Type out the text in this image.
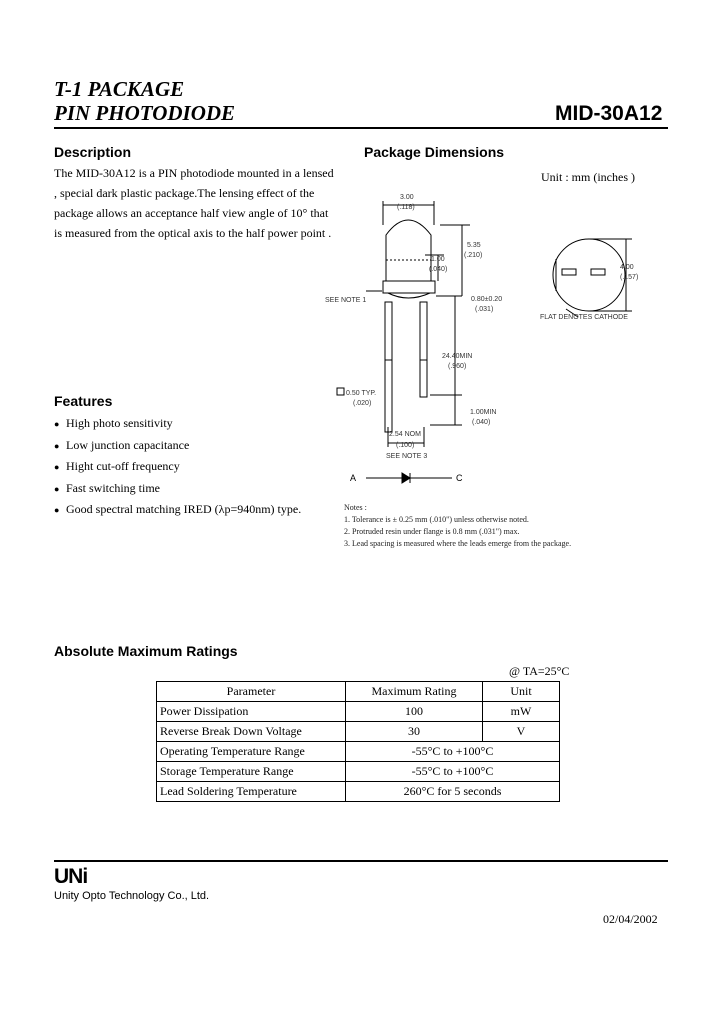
T-1 PACKAGE
PIN PHOTODIODE	MID-30A12
Description
The MID-30A12 is a PIN photodiode mounted in a lensed , special dark plastic package.The lensing effect of the package allows an acceptance half view angle of 10° that is measured from the optical axis to the half power point .
Package Dimensions
Unit : mm (inches )
3.00
(.118)
5.35
(.210)
1.00
(.040)
SEE NOTE 1	0.80±0.20
(.031)
24.40MIN
(.960)
0.50 TYP.
(.020)
1.00MIN
(.040)
2.54 NOM
(.100)
SEE NOTE 3
4.00
(.157)
FLAT DENOTES CATHODE
A	C
Notes :
1. Tolerance is ± 0.25 mm (.010") unless otherwise noted.
2. Protruded resin under flange is 0.8 mm (.031") max.
3. Lead spacing is measured where the leads emerge from the package.
Features
● High photo sensitivity
● Low junction capacitance
● Hight cut-off frequency
● Fast switching time
● Good spectral matching IRED (λp=940nm) type.
Absolute Maximum Ratings
@ TA=25°C
Parameter	Maximum Rating	Unit
Power Dissipation	100	mW
Reverse Break Down Voltage	30	V
Operating Temperature Range	-55°C to +100°C	
Storage Temperature Range	-55°C to +100°C	
Lead Soldering Temperature	260°C for 5 seconds	
UNi
Unity Opto Technology Co., Ltd.
02/04/2002
